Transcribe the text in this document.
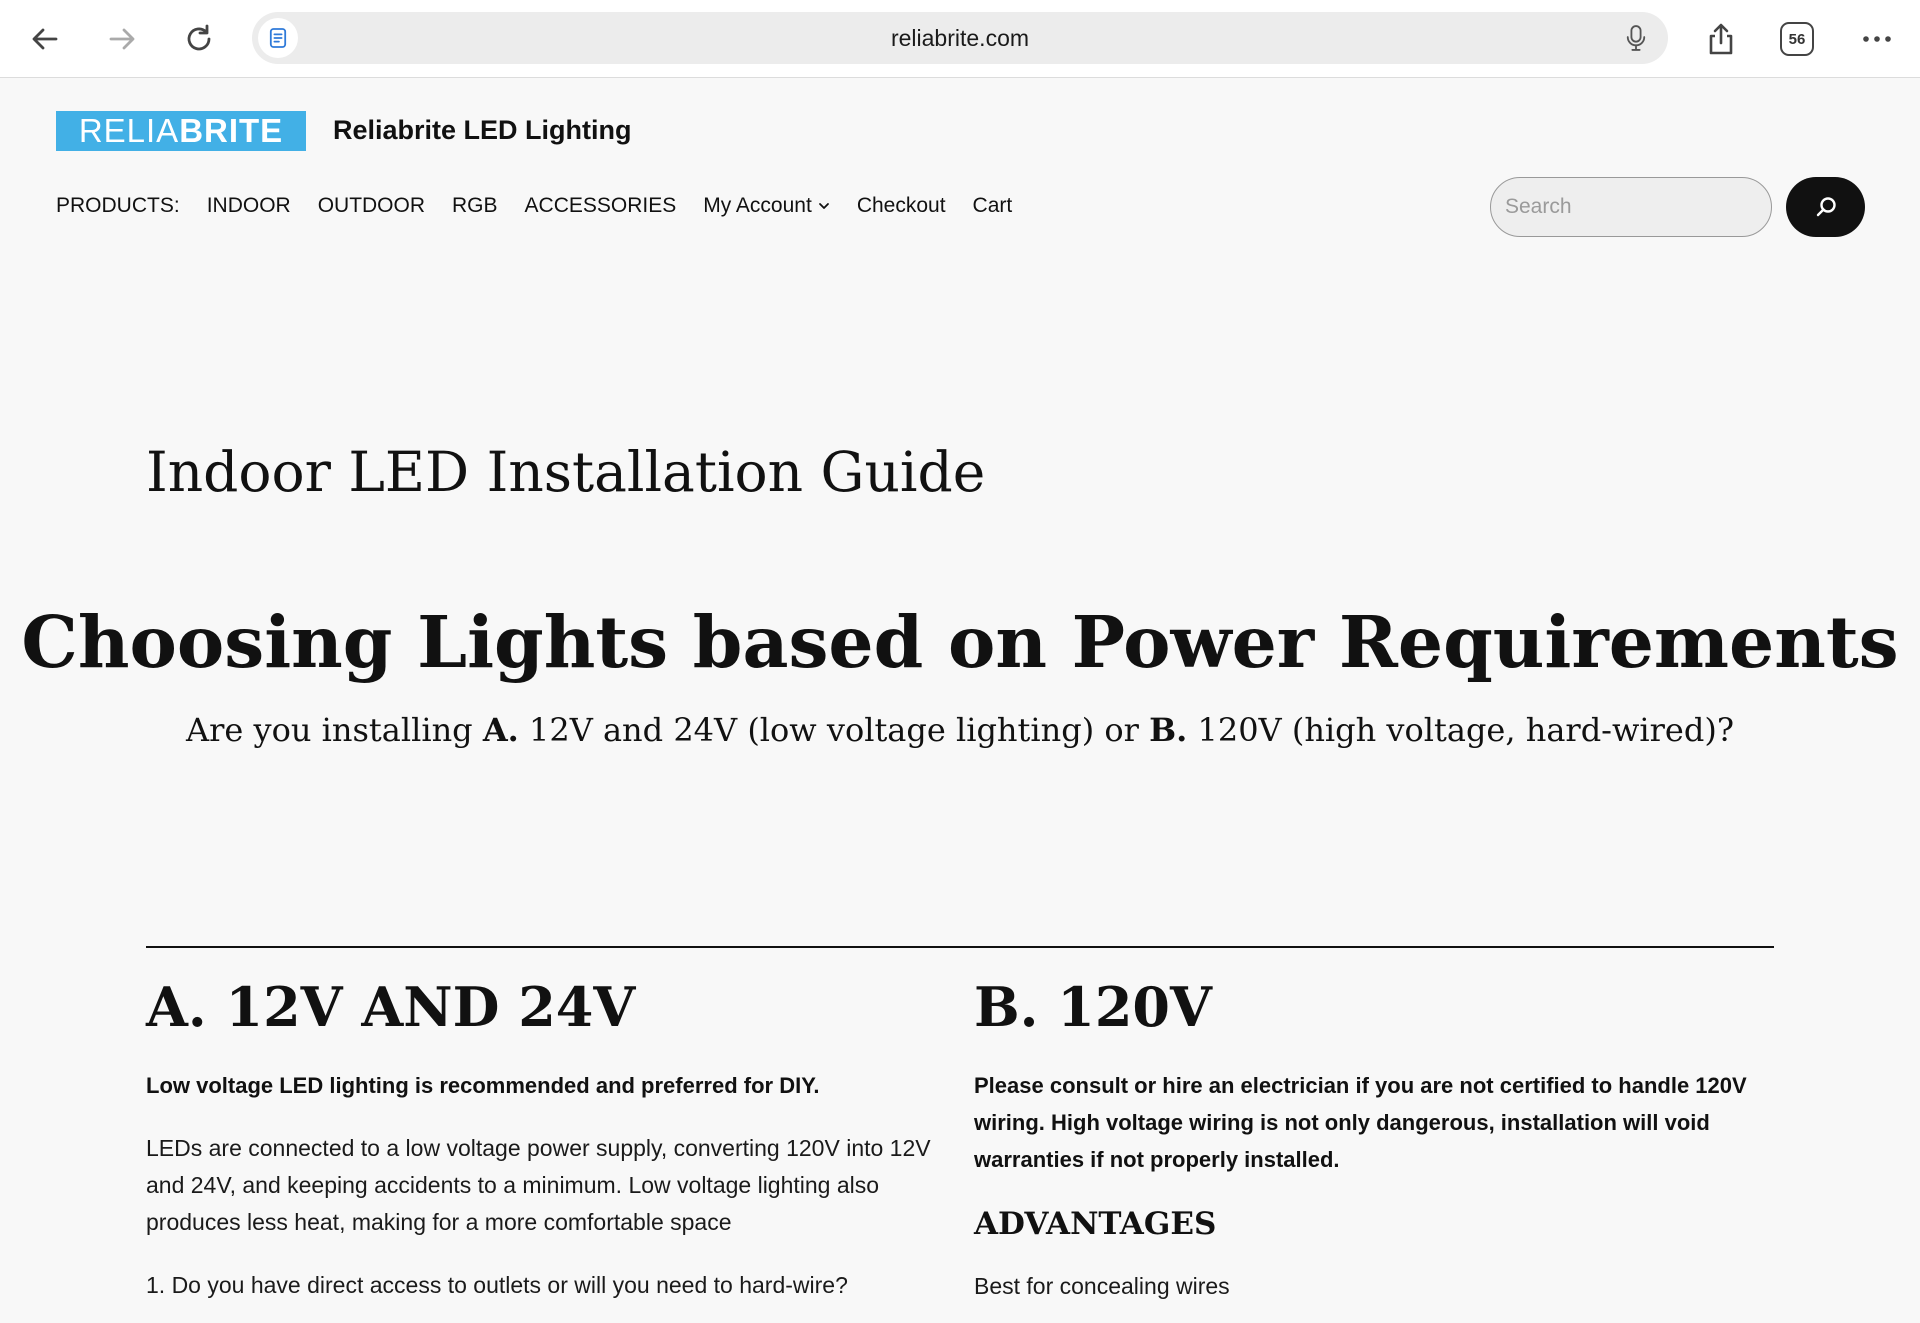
reliabrite.com	56
RELIA BRITE Reliabrite LED Lighting
PRODUCTS: INDOOR OUTDOOR RGB ACCESSORIES My Account Checkout Cart
Search
Indoor LED Installation Guide
Choosing Lights based on Power Requirements

Are you installing A. 12V and 24V (low voltage lighting) or B. 120V (high voltage, hard-wired)?

A. 12V AND 24V

Low voltage LED lighting is recommended and preferred for DIY.

LEDs are connected to a low voltage power supply, converting 120V into 12V and 24V, and keeping accidents to a minimum. Low voltage lighting also produces less heat, making for a more comfortable space

1. Do you have direct access to outlets or will you need to hard-wire?

B. 120V

Please consult or hire an electrician if you are not certified to handle 120V wiring. High voltage wiring is not only dangerous, installation will void warranties if not properly installed.

ADVANTAGES

Best for concealing wires
